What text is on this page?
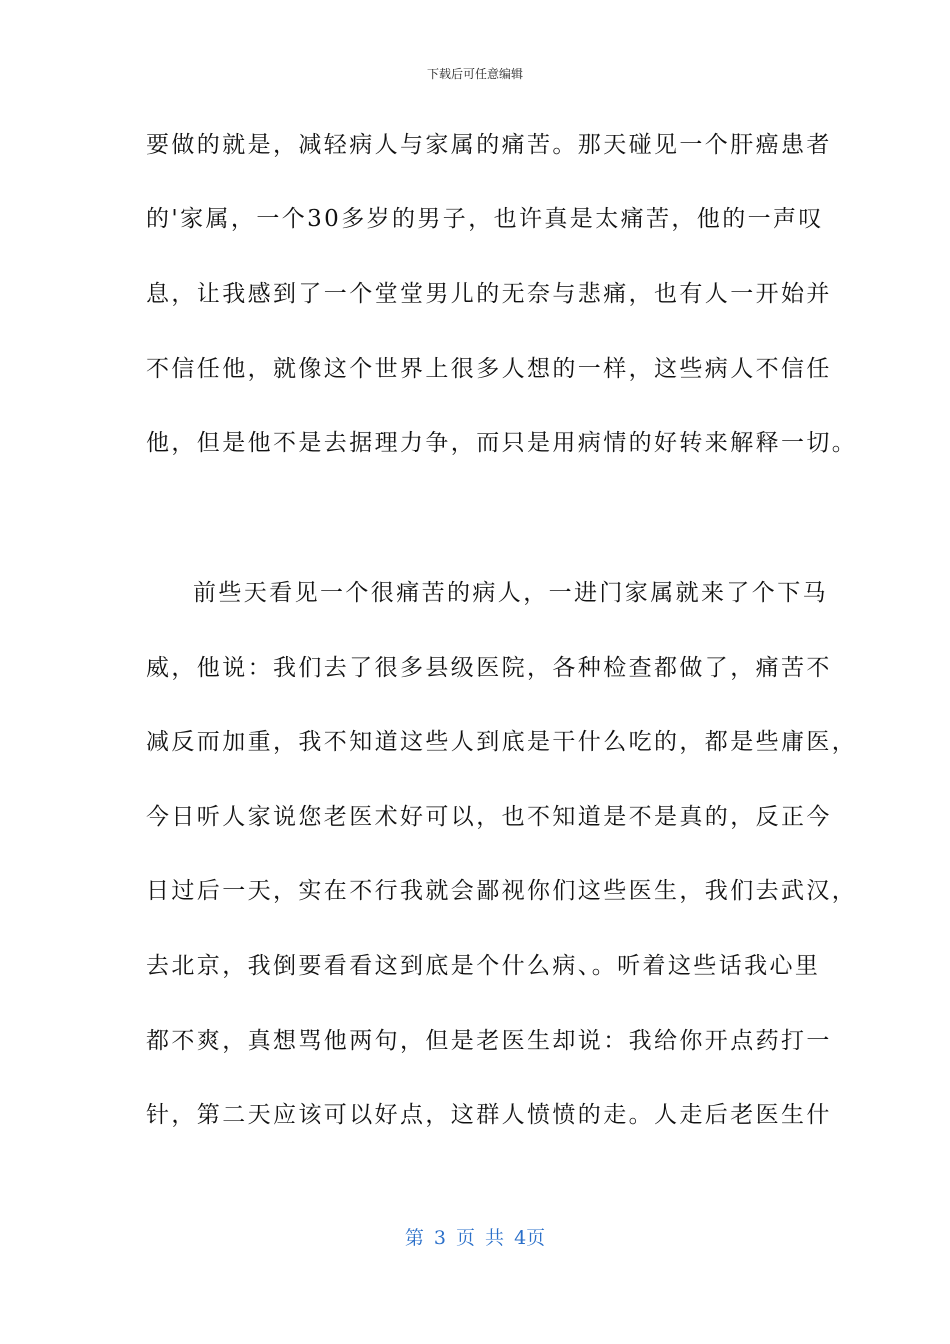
下载后可任意编辑
要做的就是，减轻病人与家属的痛苦。那天碰见一个肝癌患者
的'家属，一个30多岁的男子，也许真是太痛苦，他的一声叹
息，让我感到了一个堂堂男儿的无奈与悲痛，也有人一开始并
不信任他，就像这个世界上很多人想的一样，这些病人不信任
他，但是他不是去据理力争，而只是用病情的好转来解释一切。
前些天看见一个很痛苦的病人，一进门家属就来了个下马
威，他说：我们去了很多县级医院，各种检查都做了，痛苦不
减反而加重，我不知道这些人到底是干什么吃的，都是些庸医，
今日听人家说您老医术好可以，也不知道是不是真的，反正今
日过后一天，实在不行我就会鄙视你们这些医生，我们去武汉，
去北京，我倒要看看这到底是个什么病、。听着这些话我心里
都不爽，真想骂他两句，但是老医生却说：我给你开点药打一
针，第二天应该可以好点，这群人愤愤的走。人走后老医生什
第 3 页 共 4页
